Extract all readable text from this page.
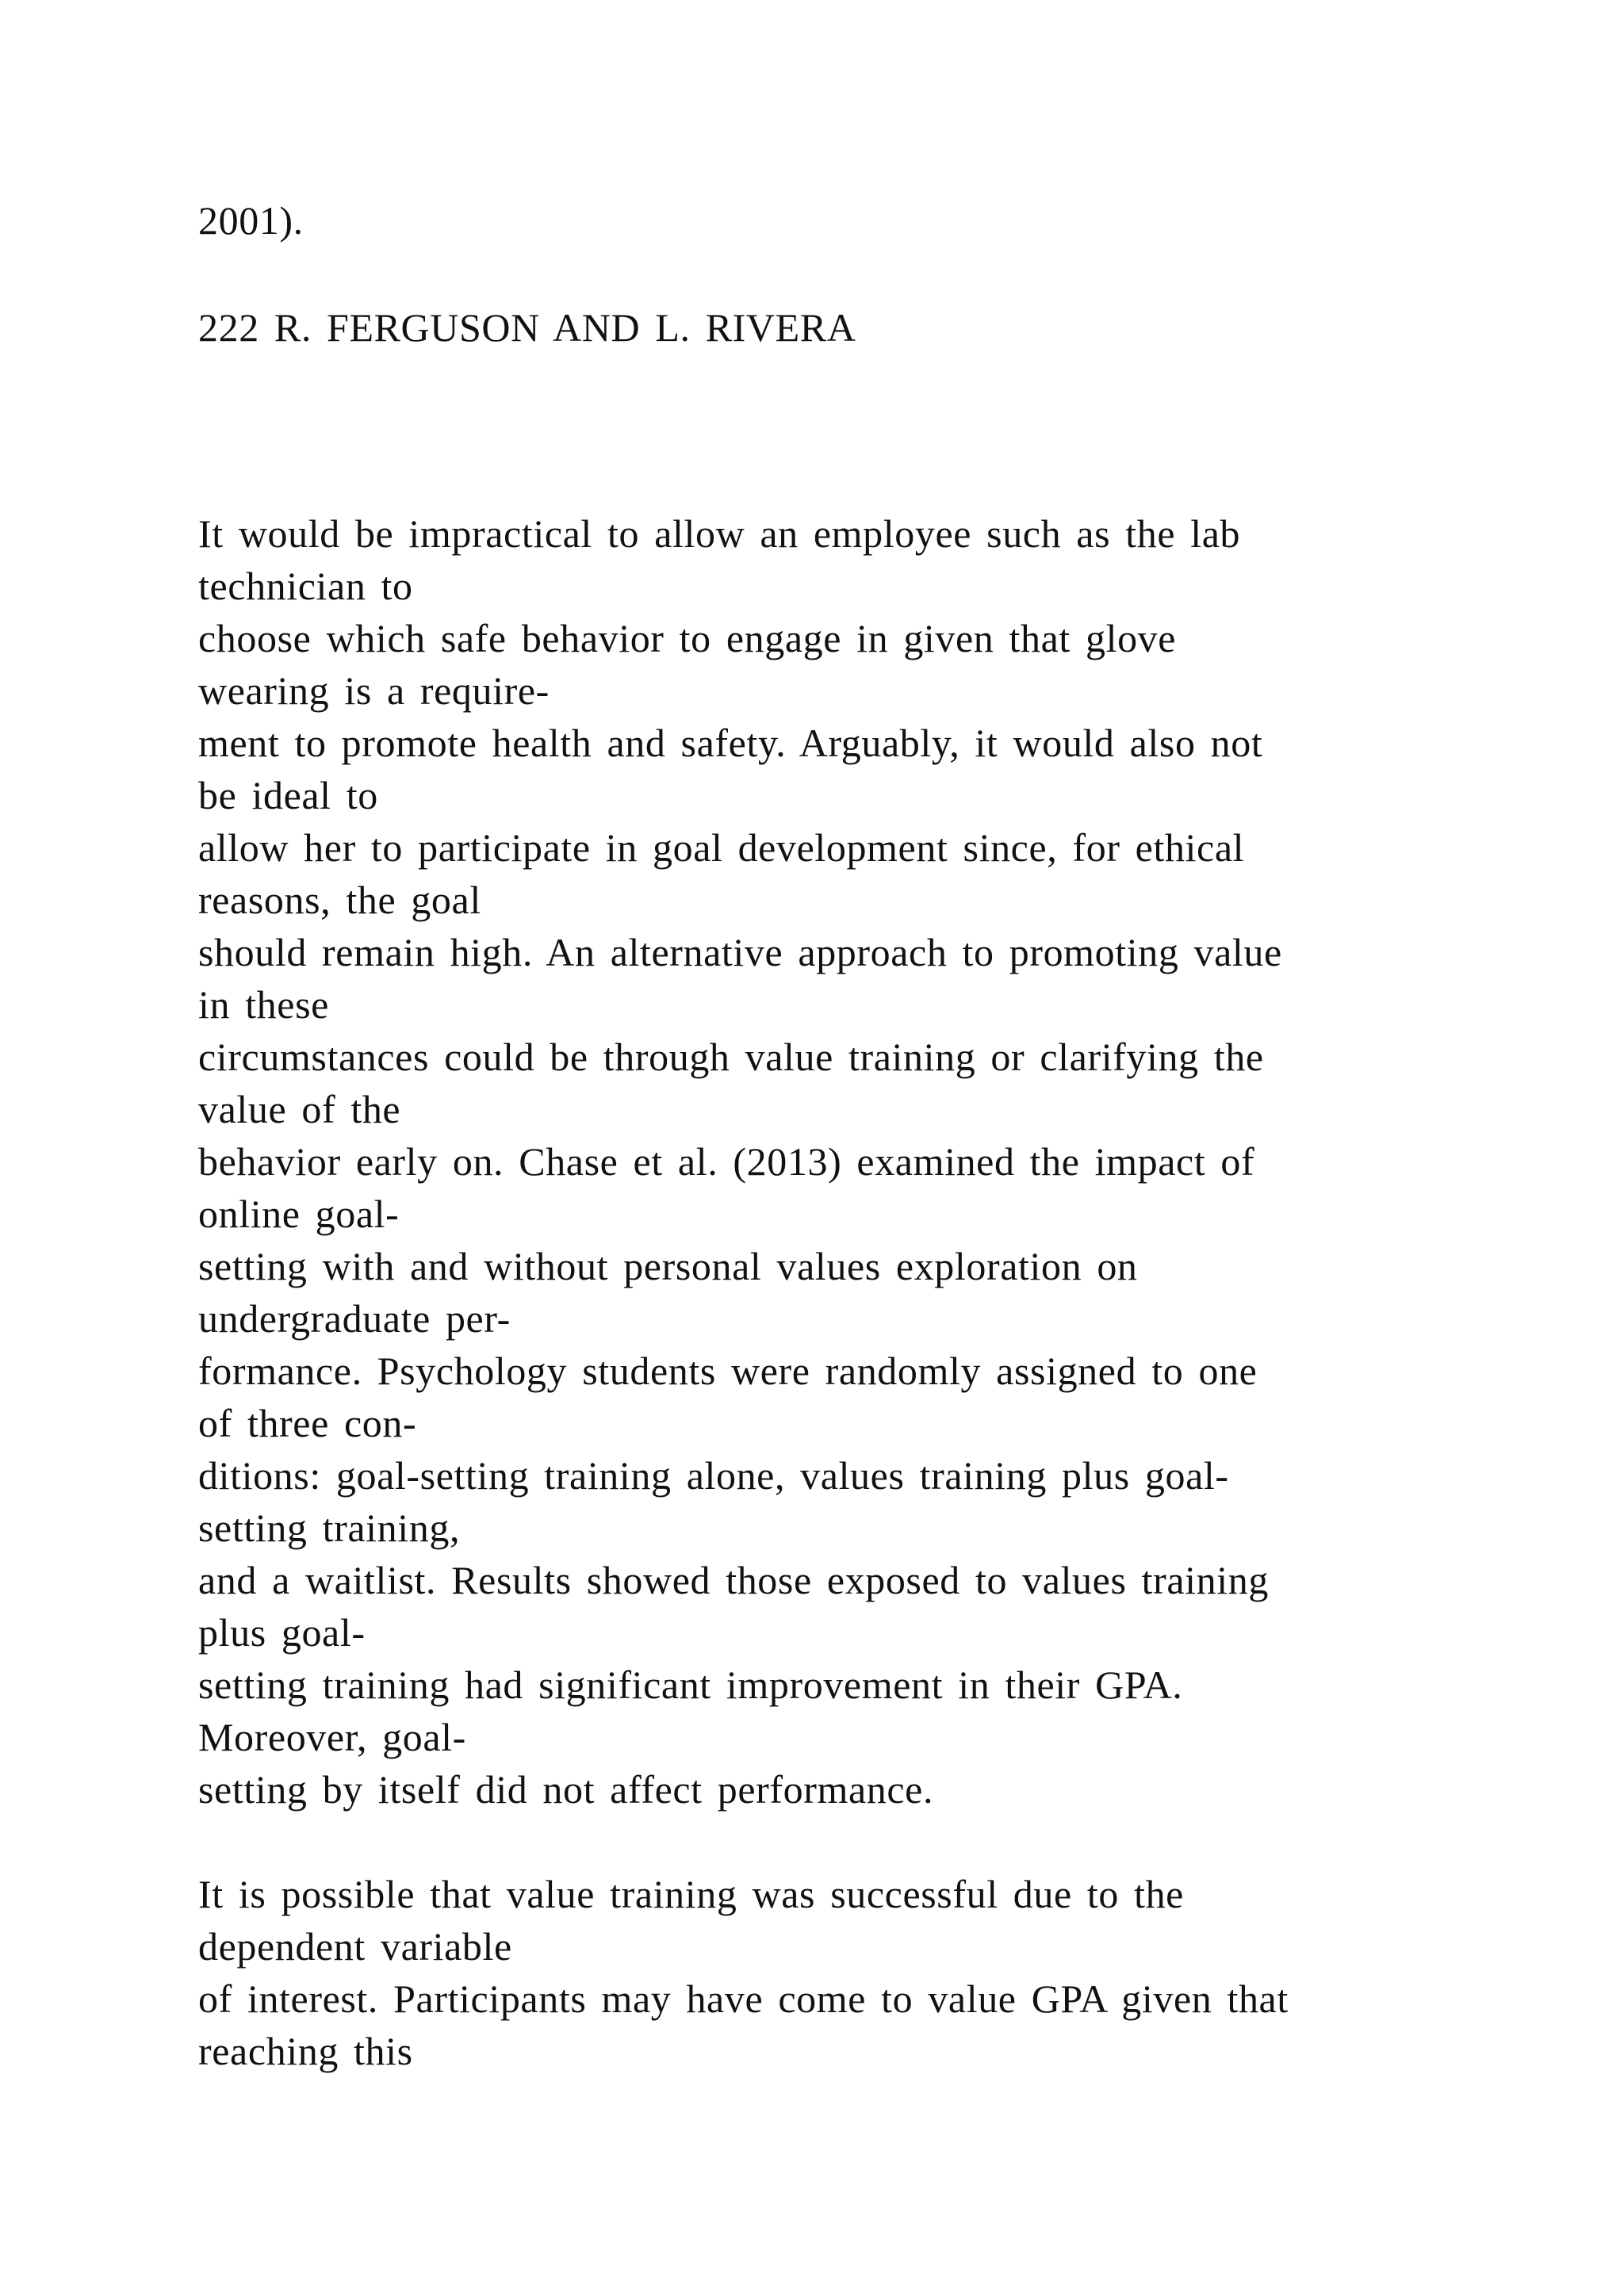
2001).
222 R. FERGUSON AND L. RIVERA
It would be impractical to allow an employee such as the lab
technician to
choose which safe behavior to engage in given that glove
wearing is a require-
ment to promote health and safety. Arguably, it would also not
be ideal to
allow her to participate in goal development since, for ethical
reasons, the goal
should remain high. An alternative approach to promoting value
in these
circumstances could be through value training or clarifying the
value of the
behavior early on. Chase et al. (2013) examined the impact of
online goal-
setting with and without personal values exploration on
undergraduate per-
formance. Psychology students were randomly assigned to one
of three con-
ditions: goal-setting training alone, values training plus goal-
setting training,
and a waitlist. Results showed those exposed to values training
plus goal-
setting training had significant improvement in their GPA.
Moreover, goal-
setting by itself did not affect performance.
It is possible that value training was successful due to the
dependent variable
of interest. Participants may have come to value GPA given that
reaching this
